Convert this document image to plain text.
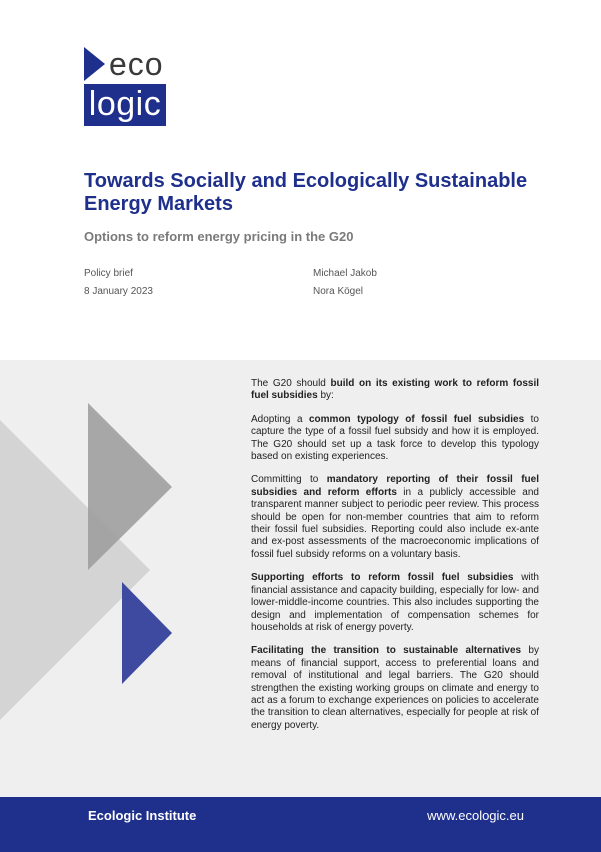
eco
logic
Towards Socially and Ecologically Sustainable Energy Markets

Options to reform energy pricing in the G20

Policy brief
8 January 2023
Michael Jakob
Nora Kögel

The G20 should build on its existing work to reform fossil fuel subsidies by:

Adopting a common typology of fossil fuel subsidies to capture the type of a fossil fuel subsidy and how it is employed. The G20 should set up a task force to develop this typology based on existing experiences.

Committing to mandatory reporting of their fossil fuel subsidies and reform efforts in a publicly accessible and transparent manner subject to periodic peer review. This process should be open for non-member countries that aim to reform their fossil fuel subsidies. Reporting could also include ex-ante and ex-post assessments of the macroeconomic implications of fossil fuel subsidy reforms on a voluntary basis.

Supporting efforts to reform fossil fuel subsidies with financial assistance and capacity building, especially for low- and lower-middle-income countries. This also includes supporting the design and implementation of compensation schemes for households at risk of energy poverty.

Facilitating the transition to sustainable alternatives by means of financial support, access to preferential loans and removal of institutional and legal barriers. The G20 should strengthen the existing working groups on climate and energy to act as a forum to exchange experiences on policies to accelerate the transition to clean alternatives, especially for people at risk of energy poverty.

Ecologic Institute	www.ecologic.eu
